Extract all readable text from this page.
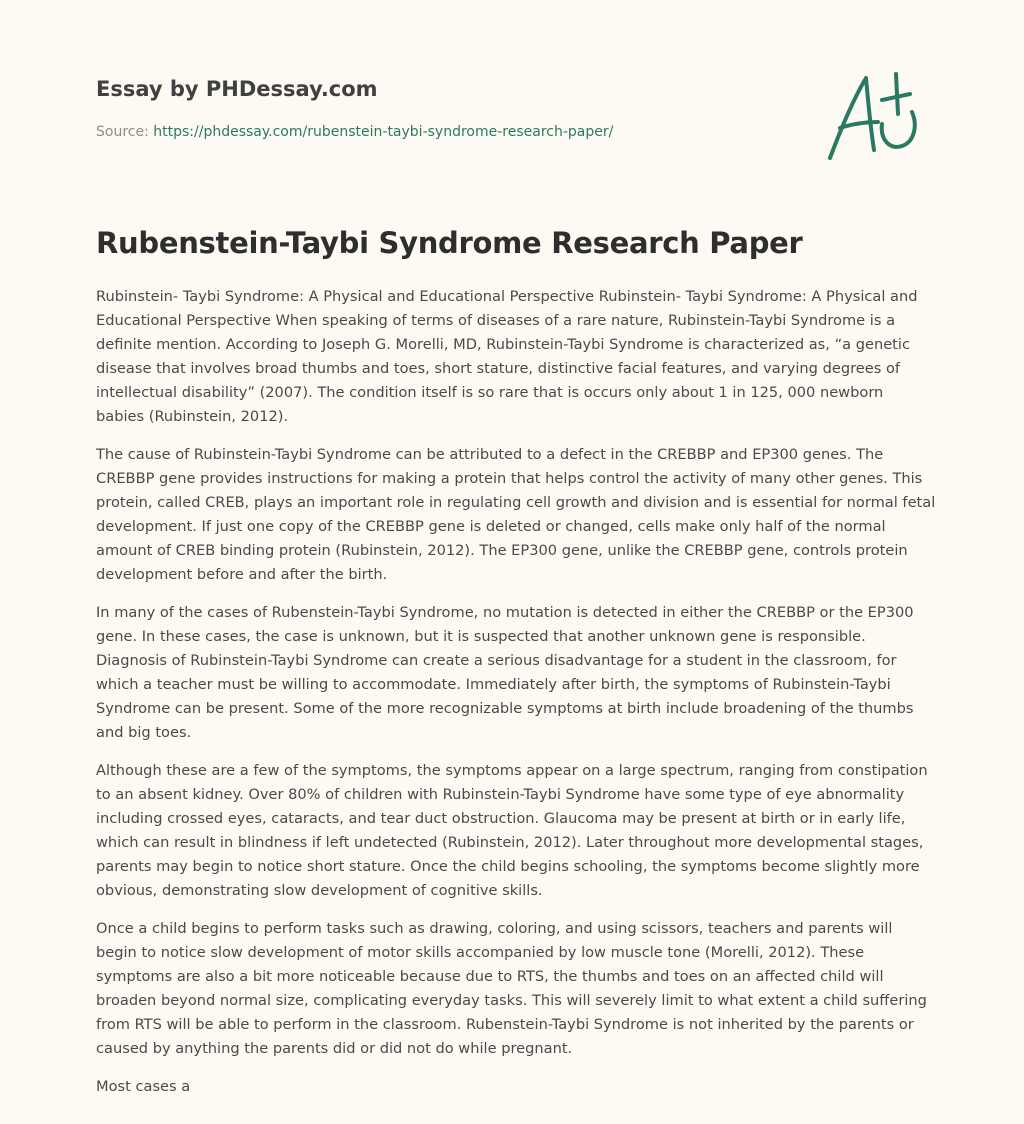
Essay by PHDessay.com

Source: https://phdessay.com/rubenstein-taybi-syndrome-research-paper/

Rubenstein-Taybi Syndrome Research Paper

Rubinstein- Taybi Syndrome: A Physical and Educational Perspective Rubinstein- Taybi Syndrome: A Physical and Educational Perspective When speaking of terms of diseases of a rare nature, Rubinstein-Taybi Syndrome is a definite mention. According to Joseph G. Morelli, MD, Rubinstein-Taybi Syndrome is characterized as, “a genetic disease that involves broad thumbs and toes, short stature, distinctive facial features, and varying degrees of intellectual disability” (2007). The condition itself is so rare that is occurs only about 1 in 125, 000 newborn babies (Rubinstein, 2012).

The cause of Rubinstein-Taybi Syndrome can be attributed to a defect in the CREBBP and EP300 genes. The CREBBP gene provides instructions for making a protein that helps control the activity of many other genes. This protein, called CREB, plays an important role in regulating cell growth and division and is essential for normal fetal development. If just one copy of the CREBBP gene is deleted or changed, cells make only half of the normal amount of CREB binding protein (Rubinstein, 2012). The EP300 gene, unlike the CREBBP gene, controls protein development before and after the birth.

In many of the cases of Rubenstein-Taybi Syndrome, no mutation is detected in either the CREBBP or the EP300 gene. In these cases, the case is unknown, but it is suspected that another unknown gene is responsible. Diagnosis of Rubinstein-Taybi Syndrome can create a serious disadvantage for a student in the classroom, for which a teacher must be willing to accommodate. Immediately after birth, the symptoms of Rubinstein-Taybi Syndrome can be present. Some of the more recognizable symptoms at birth include broadening of the thumbs and big toes.

Although these are a few of the symptoms, the symptoms appear on a large spectrum, ranging from constipation to an absent kidney. Over 80% of children with Rubinstein-Taybi Syndrome have some type of eye abnormality including crossed eyes, cataracts, and tear duct obstruction. Glaucoma may be present at birth or in early life, which can result in blindness if left undetected (Rubinstein, 2012). Later throughout more developmental stages, parents may begin to notice short stature. Once the child begins schooling, the symptoms become slightly more obvious, demonstrating slow development of cognitive skills.

Once a child begins to perform tasks such as drawing, coloring, and using scissors, teachers and parents will begin to notice slow development of motor skills accompanied by low muscle tone (Morelli, 2012). These symptoms are also a bit more noticeable because due to RTS, the thumbs and toes on an affected child will broaden beyond normal size, complicating everyday tasks. This will severely limit to what extent a child suffering from RTS will be able to perform in the classroom. Rubenstein-Taybi Syndrome is not inherited by the parents or caused by anything the parents did or did not do while pregnant.

Most cases a
